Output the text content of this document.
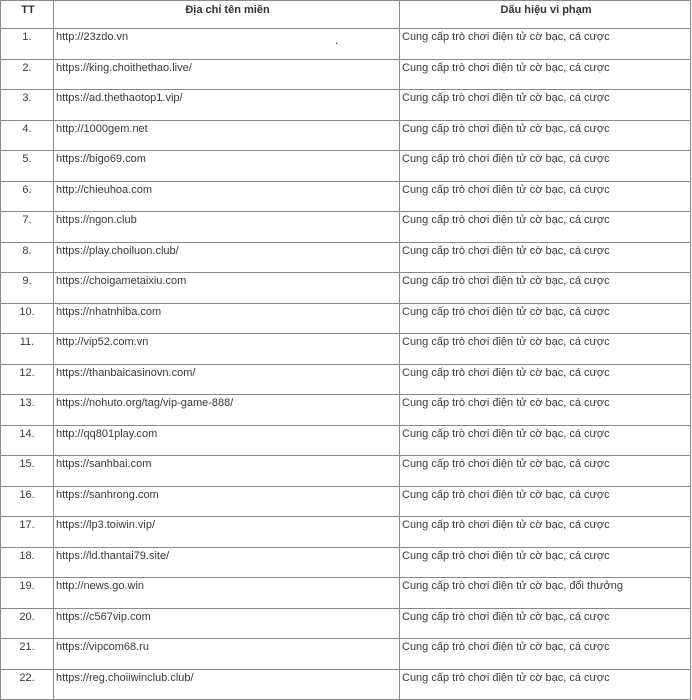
TT	Địa chỉ tên miền	Dấu hiệu vi phạm
1.	http://23zdo.vn	Cung cấp trò chơi điện tử cờ bạc, cá cược
2.	https://king.choithethao.live/	Cung cấp trò chơi điện tử cờ bạc, cá cược
3.	https://ad.thethaotop1.vip/	Cung cấp trò chơi điện tử cờ bạc, cá cược
4.	http://1000gem.net	Cung cấp trò chơi điện tử cờ bạc, cá cược
5.	https://bigo69.com	Cung cấp trò chơi điện tử cờ bạc, cá cược
6.	http://chieuhoa.com	Cung cấp trò chơi điện tử cờ bạc, cá cược
7.	https://ngon.club	Cung cấp trò chơi điện tử cờ bạc, cá cược
8.	https://play.choiluon.club/	Cung cấp trò chơi điện tử cờ bạc, cá cược
9.	https://choigametaixiu.com	Cung cấp trò chơi điện tử cờ bạc, cá cược
10.	https://nhatnhiba.com	Cung cấp trò chơi điện tử cờ bạc, cá cược
11.	http://vip52.com.vn	Cung cấp trò chơi điện tử cờ bạc, cá cược
12.	https://thanbaicasinovn.com/	Cung cấp trò chơi điện tử cờ bạc, cá cược
13.	https://nohuto.org/tag/vip-game-888/	Cung cấp trò chơi điện tử cờ bạc, cá cược
14.	http://qq801play.com	Cung cấp trò chơi điện tử cờ bạc, cá cược
15.	https://sanhbai.com	Cung cấp trò chơi điện tử cờ bạc, cá cược
16.	https://sanhrong.com	Cung cấp trò chơi điện tử cờ bạc, cá cược
17.	https://lp3.toiwin.vip/	Cung cấp trò chơi điện tử cờ bạc, cá cược
18.	https://ld.thantai79.site/	Cung cấp trò chơi điện tử cờ bạc, cá cược
19.	http://news.go.win	Cung cấp trò chơi điện tử cờ bạc, đổi thưởng
20.	https://c567vip.com	Cung cấp trò chơi điện tử cờ bạc, cá cược
21.	https://vipcom68.ru	Cung cấp trò chơi điện tử cờ bạc, cá cược
22.	https://reg.choiiwinclub.club/	Cung cấp trò chơi điện tử cờ bạc, cá cược
.
